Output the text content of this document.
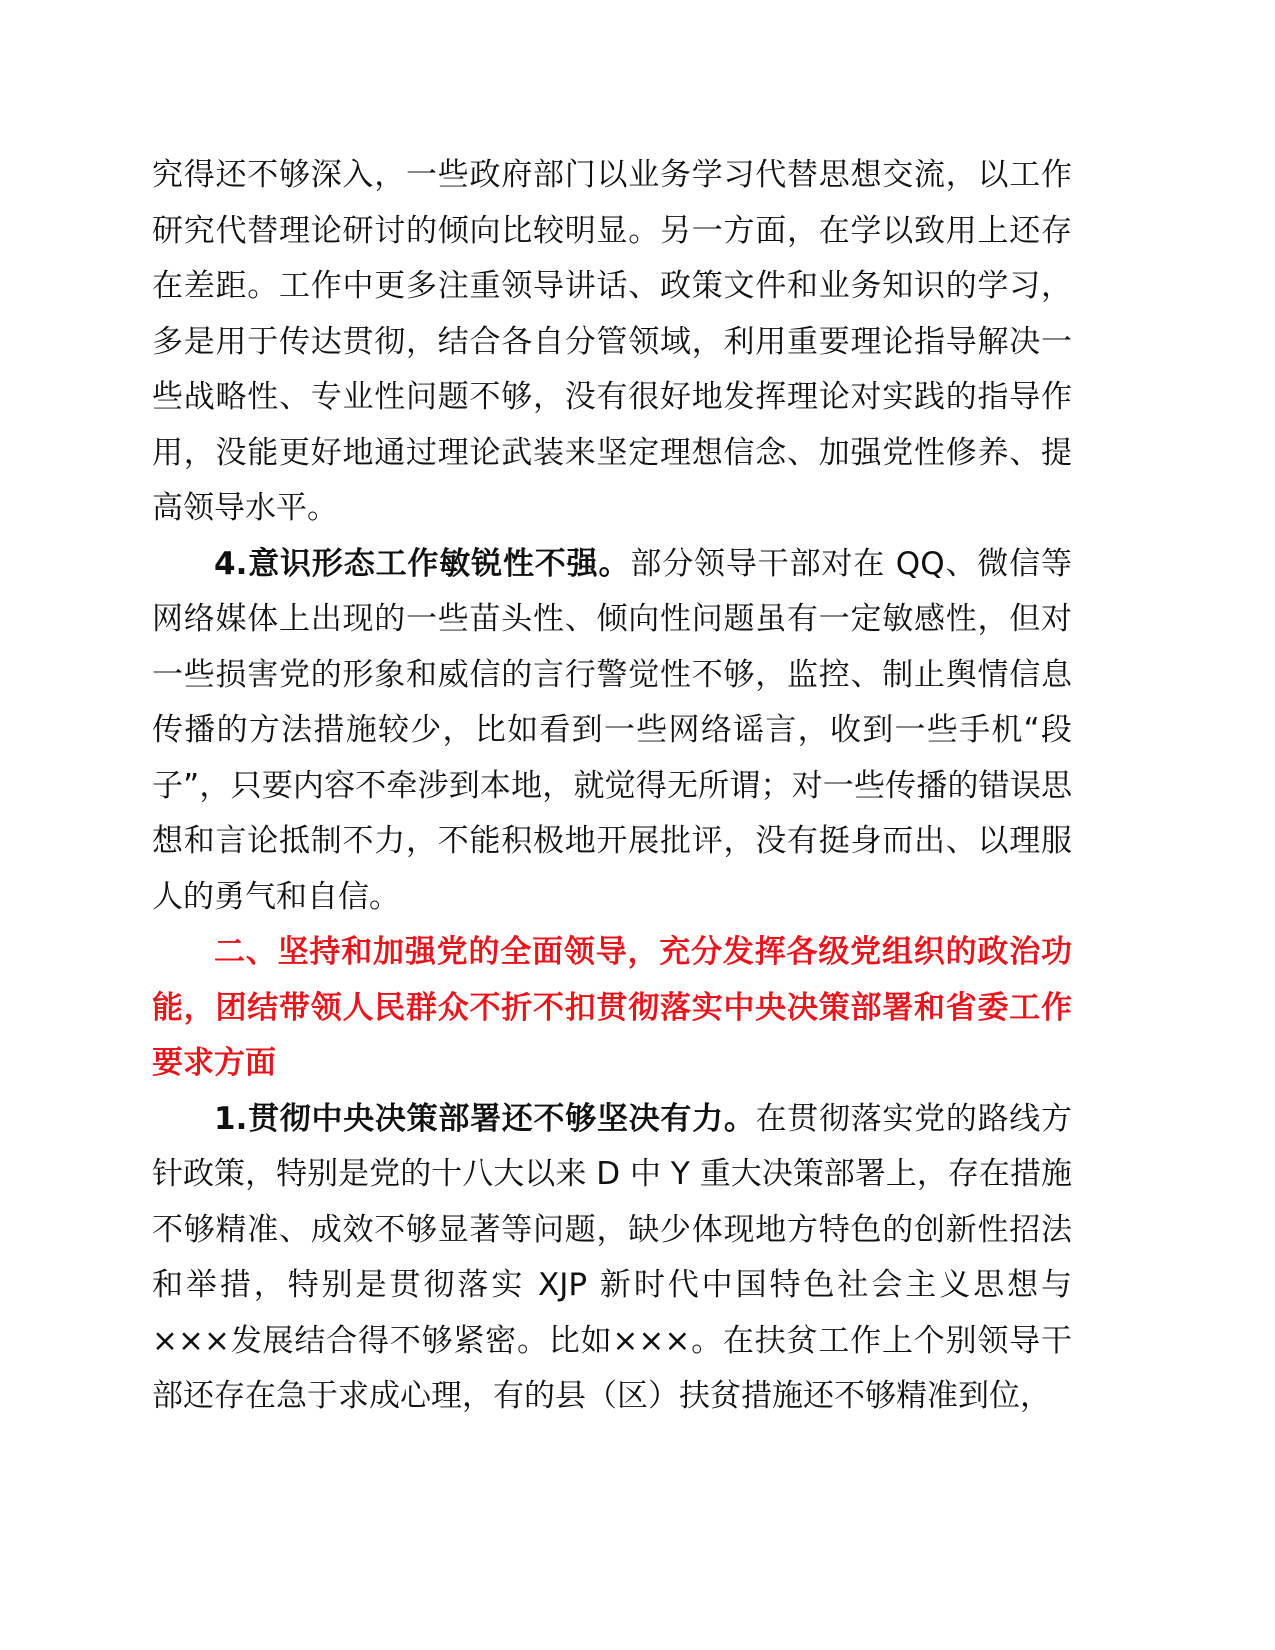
究得还不够深入，一些政府部门以业务学习代替思想交流，以工作研究代替理论研讨的倾向比较明显。另一方面，在学以致用上还存在差距。工作中更多注重领导讲话、政策文件和业务知识的学习，多是用于传达贯彻，结合各自分管领域，利用重要理论指导解决一些战略性、专业性问题不够，没有很好地发挥理论对实践的指导作用，没能更好地通过理论武装来坚定理想信念、加强党性修养、提高领导水平。

4.意识形态工作敏锐性不强。部分领导干部对在 QQ、微信等网络媒体上出现的一些苗头性、倾向性问题虽有一定敏感性，但对一些损害党的形象和威信的言行警觉性不够，监控、制止舆情信息传播的方法措施较少，比如看到一些网络谣言，收到一些手机“段子”，只要内容不牵涉到本地，就觉得无所谓；对一些传播的错误思想和言论抵制不力，不能积极地开展批评，没有挺身而出、以理服人的勇气和自信。

二、坚持和加强党的全面领导，充分发挥各级党组织的政治功能，团结带领人民群众不折不扣贯彻落实中央决策部署和省委工作要求方面

1.贯彻中央决策部署还不够坚决有力。在贯彻落实党的路线方针政策，特别是党的十八大以来 D 中 Y 重大决策部署上，存在措施不够精准、成效不够显著等问题，缺少体现地方特色的创新性招法和举措，特别是贯彻落实 XJP 新时代中国特色社会主义思想与×××发展结合得不够紧密。比如×××。在扶贫工作上个别领导干部还存在急于求成心理，有的县（区）扶贫措施还不够精准到位，
